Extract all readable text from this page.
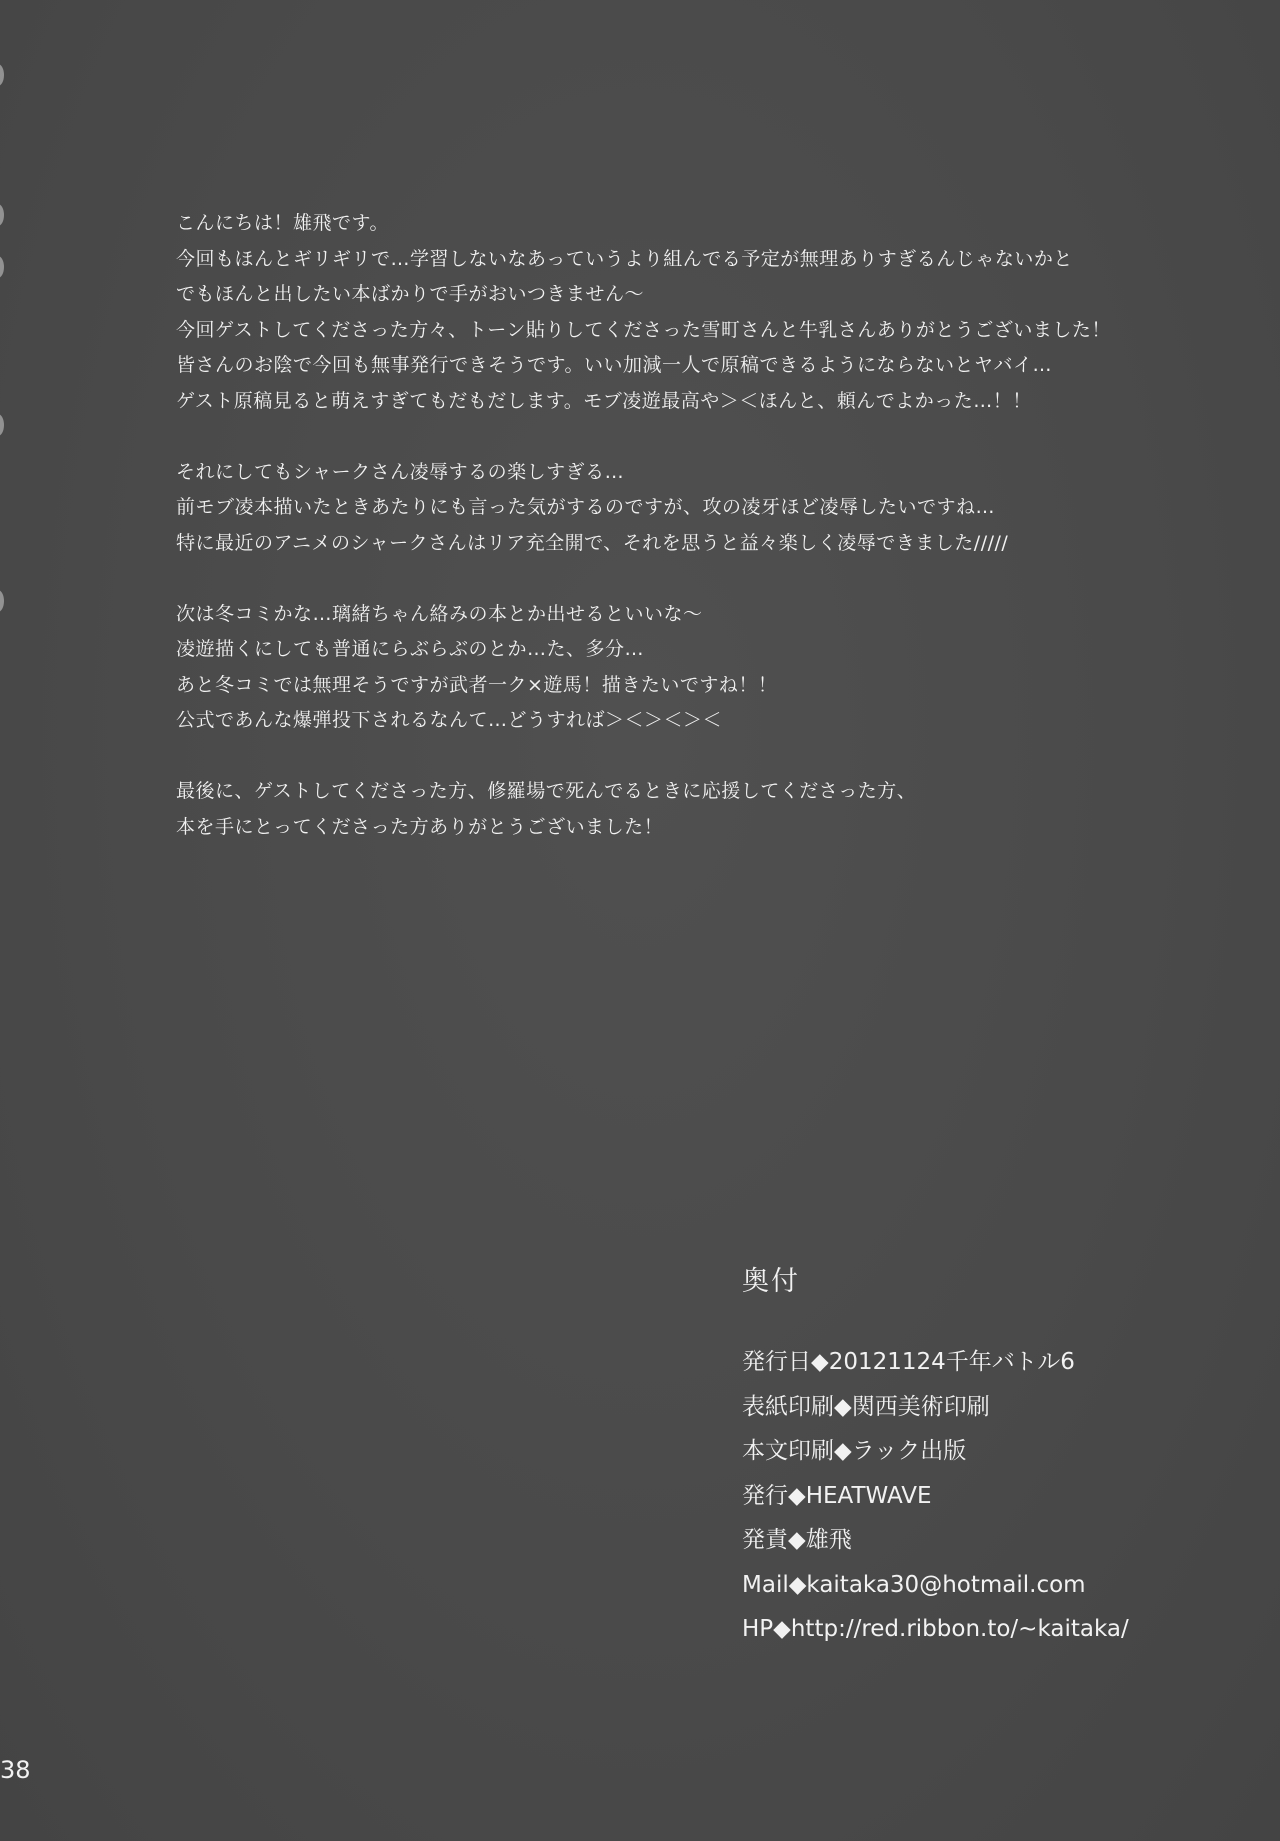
こんにちは！雄飛です。
今回もほんとギリギリで…学習しないなあっていうより組んでる予定が無理ありすぎるんじゃないかと
でもほんと出したい本ばかりで手がおいつきません〜
今回ゲストしてくださった方々、トーン貼りしてくださった雪町さんと牛乳さんありがとうございました！
皆さんのお陰で今回も無事発行できそうです。いい加減一人で原稿できるようにならないとヤバイ…
ゲスト原稿見ると萌えすぎてもだもだします。モブ凌遊最高や＞＜ほんと、頼んでよかった…！！
それにしてもシャークさん凌辱するの楽しすぎる…
前モブ凌本描いたときあたりにも言った気がするのですが、攻の凌牙ほど凌辱したいですね…
特に最近のアニメのシャークさんはリア充全開で、それを思うと益々楽しく凌辱できました/////
次は冬コミかな…璃緒ちゃん絡みの本とか出せるといいな〜
凌遊描くにしても普通にらぶらぶのとか…た、多分…
あと冬コミでは無理そうですが武者一ク×遊馬！描きたいですね！！
公式であんな爆弾投下されるなんて…どうすれば＞＜＞＜＞＜
最後に、ゲストしてくださった方、修羅場で死んでるときに応援してくださった方、
本を手にとってくださった方ありがとうございました！
奥付
発行日◆20121124千年バトル6
表紙印刷◆関西美術印刷
本文印刷◆ラック出版
発行◆HEATWAVE
発責◆雄飛
Mail◆kaitaka30@hotmail.com
HP◆http://red.ribbon.to/~kaitaka/
38
